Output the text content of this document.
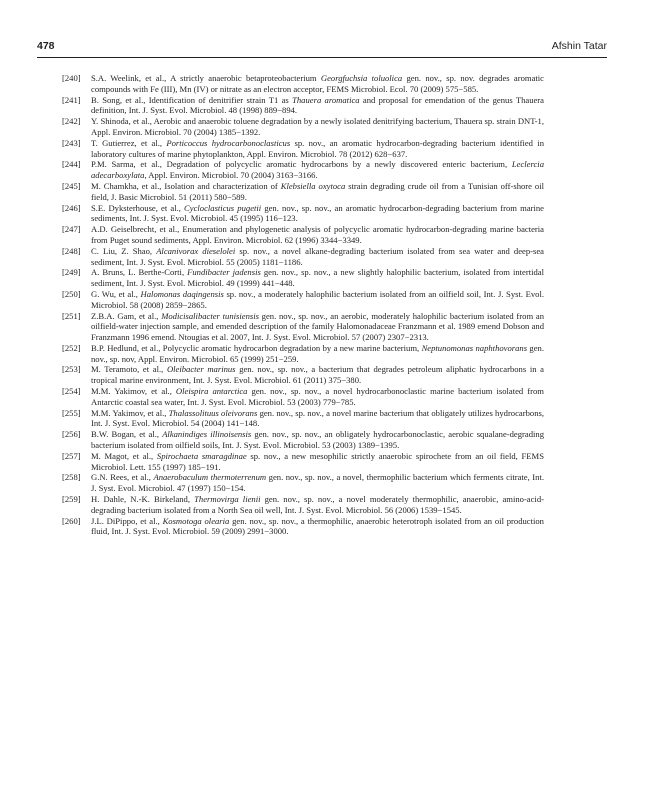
478	Afshin Tatar
[240] S.A. Weelink, et al., A strictly anaerobic betaproteobacterium Georgfuchsia toluolica gen. nov., sp. nov. degrades aromatic compounds with Fe (III), Mn (IV) or nitrate as an electron acceptor, FEMS Microbiol. Ecol. 70 (2009) 575−585.
[241] B. Song, et al., Identification of denitrifier strain T1 as Thauera aromatica and proposal for emendation of the genus Thauera definition, Int. J. Syst. Evol. Microbiol. 48 (1998) 889−894.
[242] Y. Shinoda, et al., Aerobic and anaerobic toluene degradation by a newly isolated denitrifying bacterium, Thauera sp. strain DNT-1, Appl. Environ. Microbiol. 70 (2004) 1385−1392.
[243] T. Gutierrez, et al., Porticoccus hydrocarbonoclasticus sp. nov., an aromatic hydrocarbon-degrading bacterium identified in laboratory cultures of marine phytoplankton, Appl. Environ. Microbiol. 78 (2012) 628−637.
[244] P.M. Sarma, et al., Degradation of polycyclic aromatic hydrocarbons by a newly discovered enteric bacterium, Leclercia adecarboxylata, Appl. Environ. Microbiol. 70 (2004) 3163−3166.
[245] M. Chamkha, et al., Isolation and characterization of Klebsiella oxytoca strain degrading crude oil from a Tunisian off-shore oil field, J. Basic Microbiol. 51 (2011) 580−589.
[246] S.E. Dyksterhouse, et al., Cycloclasticus pugetii gen. nov., sp. nov., an aromatic hydrocarbon-degrading bacterium from marine sediments, Int. J. Syst. Evol. Microbiol. 45 (1995) 116−123.
[247] A.D. Geiselbrecht, et al., Enumeration and phylogenetic analysis of polycyclic aromatic hydrocarbon-degrading marine bacteria from Puget sound sediments, Appl. Environ. Microbiol. 62 (1996) 3344−3349.
[248] C. Liu, Z. Shao, Alcanivorax dieselolei sp. nov., a novel alkane-degrading bacterium isolated from sea water and deep-sea sediment, Int. J. Syst. Evol. Microbiol. 55 (2005) 1181−1186.
[249] A. Bruns, L. Berthe-Corti, Fundibacter jadensis gen. nov., sp. nov., a new slightly halophilic bacterium, isolated from intertidal sediment, Int. J. Syst. Evol. Microbiol. 49 (1999) 441−448.
[250] G. Wu, et al., Halomonas daqingensis sp. nov., a moderately halophilic bacterium isolated from an oilfield soil, Int. J. Syst. Evol. Microbiol. 58 (2008) 2859−2865.
[251] Z.B.A. Gam, et al., Modicisalibacter tunisiensis gen. nov., sp. nov., an aerobic, moderately halophilic bacterium isolated from an oilfield-water injection sample, and emended description of the family Halomonadaceae Franzmann et al. 1989 emend Dobson and Franzmann 1996 emend. Ntougias et al. 2007, Int. J. Syst. Evol. Microbiol. 57 (2007) 2307−2313.
[252] B.P. Hedlund, et al., Polycyclic aromatic hydrocarbon degradation by a new marine bacterium, Neptunomonas naphthovorans gen. nov., sp. nov, Appl. Environ. Microbiol. 65 (1999) 251−259.
[253] M. Teramoto, et al., Oleibacter marinus gen. nov., sp. nov., a bacterium that degrades petroleum aliphatic hydrocarbons in a tropical marine environment, Int. J. Syst. Evol. Microbiol. 61 (2011) 375−380.
[254] M.M. Yakimov, et al., Oleispira antarctica gen. nov., sp. nov., a novel hydrocarbonoclastic marine bacterium isolated from Antarctic coastal sea water, Int. J. Syst. Evol. Microbiol. 53 (2003) 779−785.
[255] M.M. Yakimov, et al., Thalassolituus oleivorans gen. nov., sp. nov., a novel marine bacterium that obligately utilizes hydrocarbons, Int. J. Syst. Evol. Microbiol. 54 (2004) 141−148.
[256] B.W. Bogan, et al., Alkanindiges illinoisensis gen. nov., sp. nov., an obligately hydrocarbonoclastic, aerobic squalane-degrading bacterium isolated from oilfield soils, Int. J. Syst. Evol. Microbiol. 53 (2003) 1389−1395.
[257] M. Magot, et al., Spirochaeta smaragdinae sp. nov., a new mesophilic strictly anaerobic spirochete from an oil field, FEMS Microbiol. Lett. 155 (1997) 185−191.
[258] G.N. Rees, et al., Anaerobaculum thermoterrenum gen. nov., sp. nov., a novel, thermophilic bacterium which ferments citrate, Int. J. Syst. Evol. Microbiol. 47 (1997) 150−154.
[259] H. Dahle, N.-K. Birkeland, Thermovirga lienii gen. nov., sp. nov., a novel moderately thermophilic, anaerobic, amino-acid-degrading bacterium isolated from a North Sea oil well, Int. J. Syst. Evol. Microbiol. 56 (2006) 1539−1545.
[260] J.L. DiPippo, et al., Kosmotoga olearia gen. nov., sp. nov., a thermophilic, anaerobic heterotroph isolated from an oil production fluid, Int. J. Syst. Evol. Microbiol. 59 (2009) 2991−3000.
